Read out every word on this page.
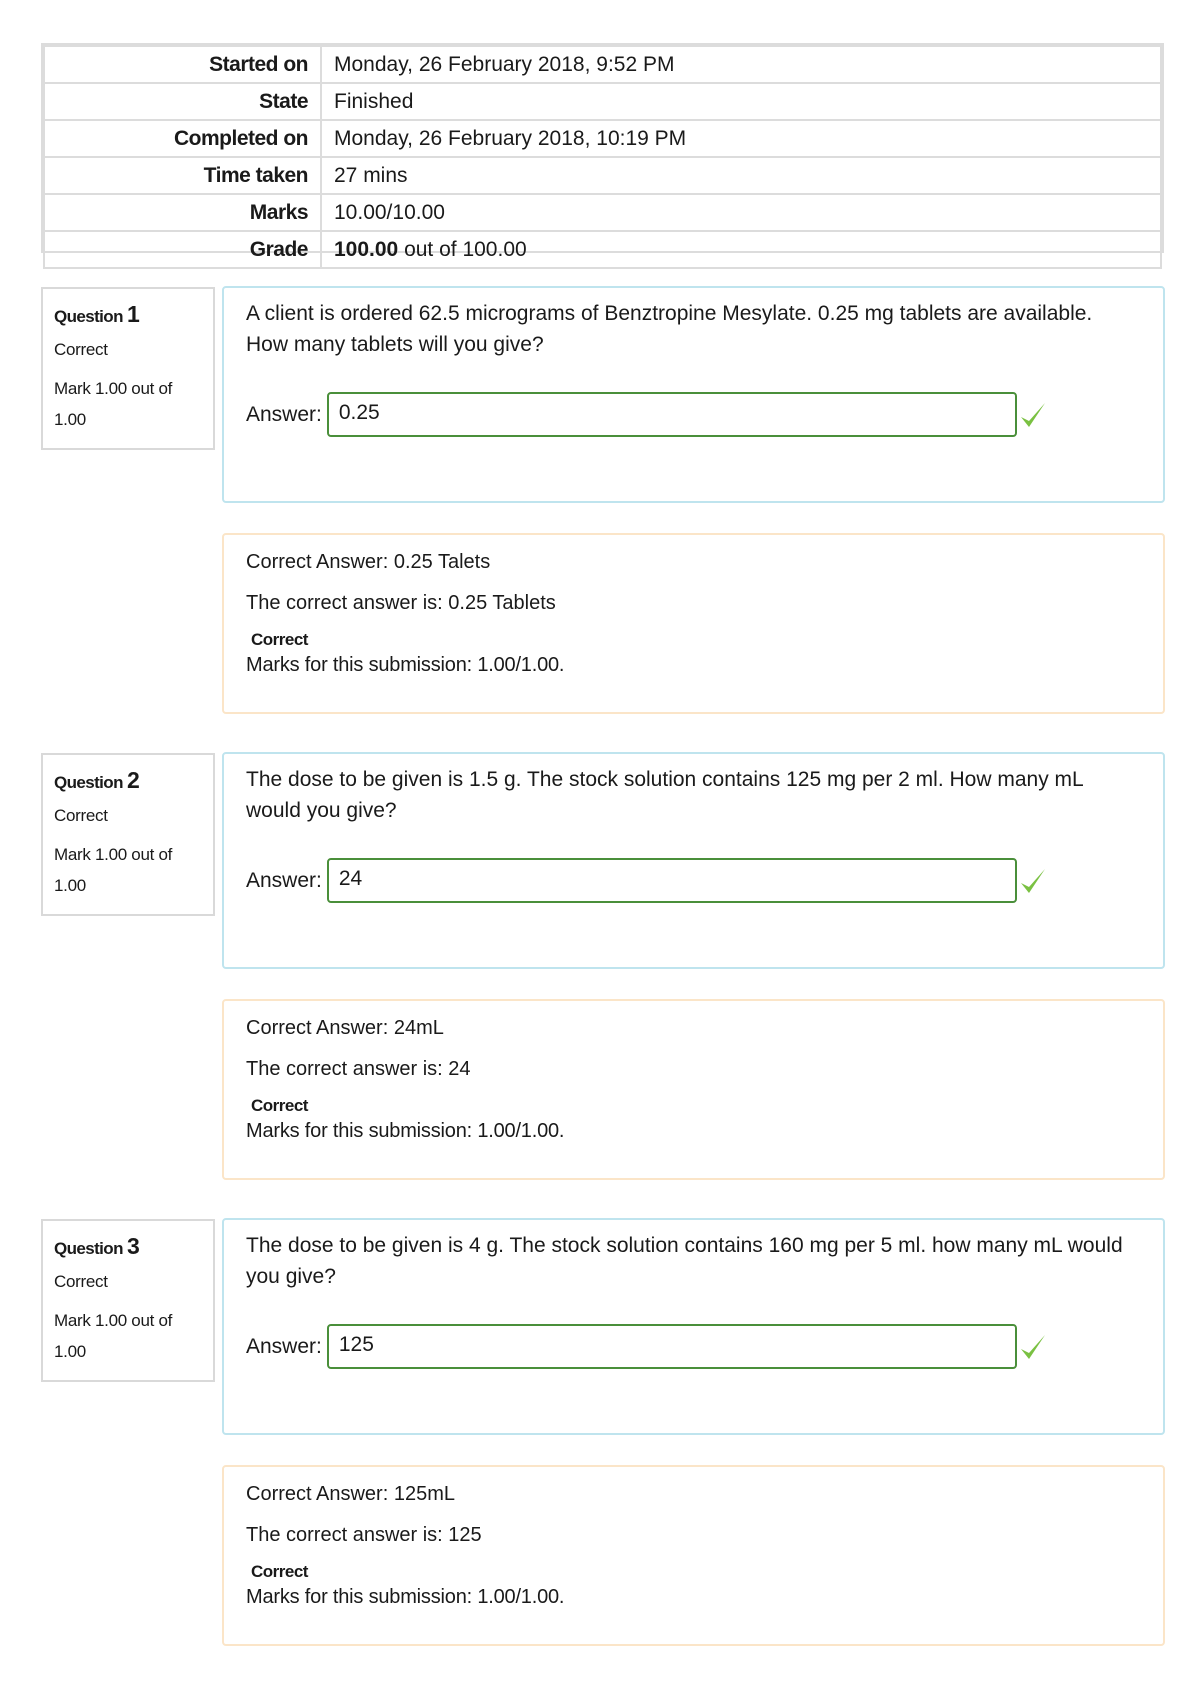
Started on	Monday, 26 February 2018, 9:52 PM
State	Finished
Completed on	Monday, 26 February 2018, 10:19 PM
Time taken	27 mins
Marks	10.00/10.00
Grade	100.00 out of 100.00
Question 1
Correct
Mark 1.00 out of 1.00
A client is ordered 62.5 micrograms of Benztropine Mesylate. 0.25 mg tablets are available. How many tablets will you give?
Answer: 0.25
Correct Answer: 0.25 Talets
The correct answer is: 0.25 Tablets
Correct
Marks for this submission: 1.00/1.00.
Question 2
Correct
Mark 1.00 out of 1.00
The dose to be given is 1.5 g. The stock solution contains 125 mg per 2 ml. How many mL would you give?
Answer: 24
Correct Answer: 24mL
The correct answer is: 24
Correct
Marks for this submission: 1.00/1.00.
Question 3
Correct
Mark 1.00 out of 1.00
The dose to be given is 4 g. The stock solution contains 160 mg per 5 ml. how many mL would you give?
Answer: 125
Correct Answer: 125mL
The correct answer is: 125
Correct
Marks for this submission: 1.00/1.00.
